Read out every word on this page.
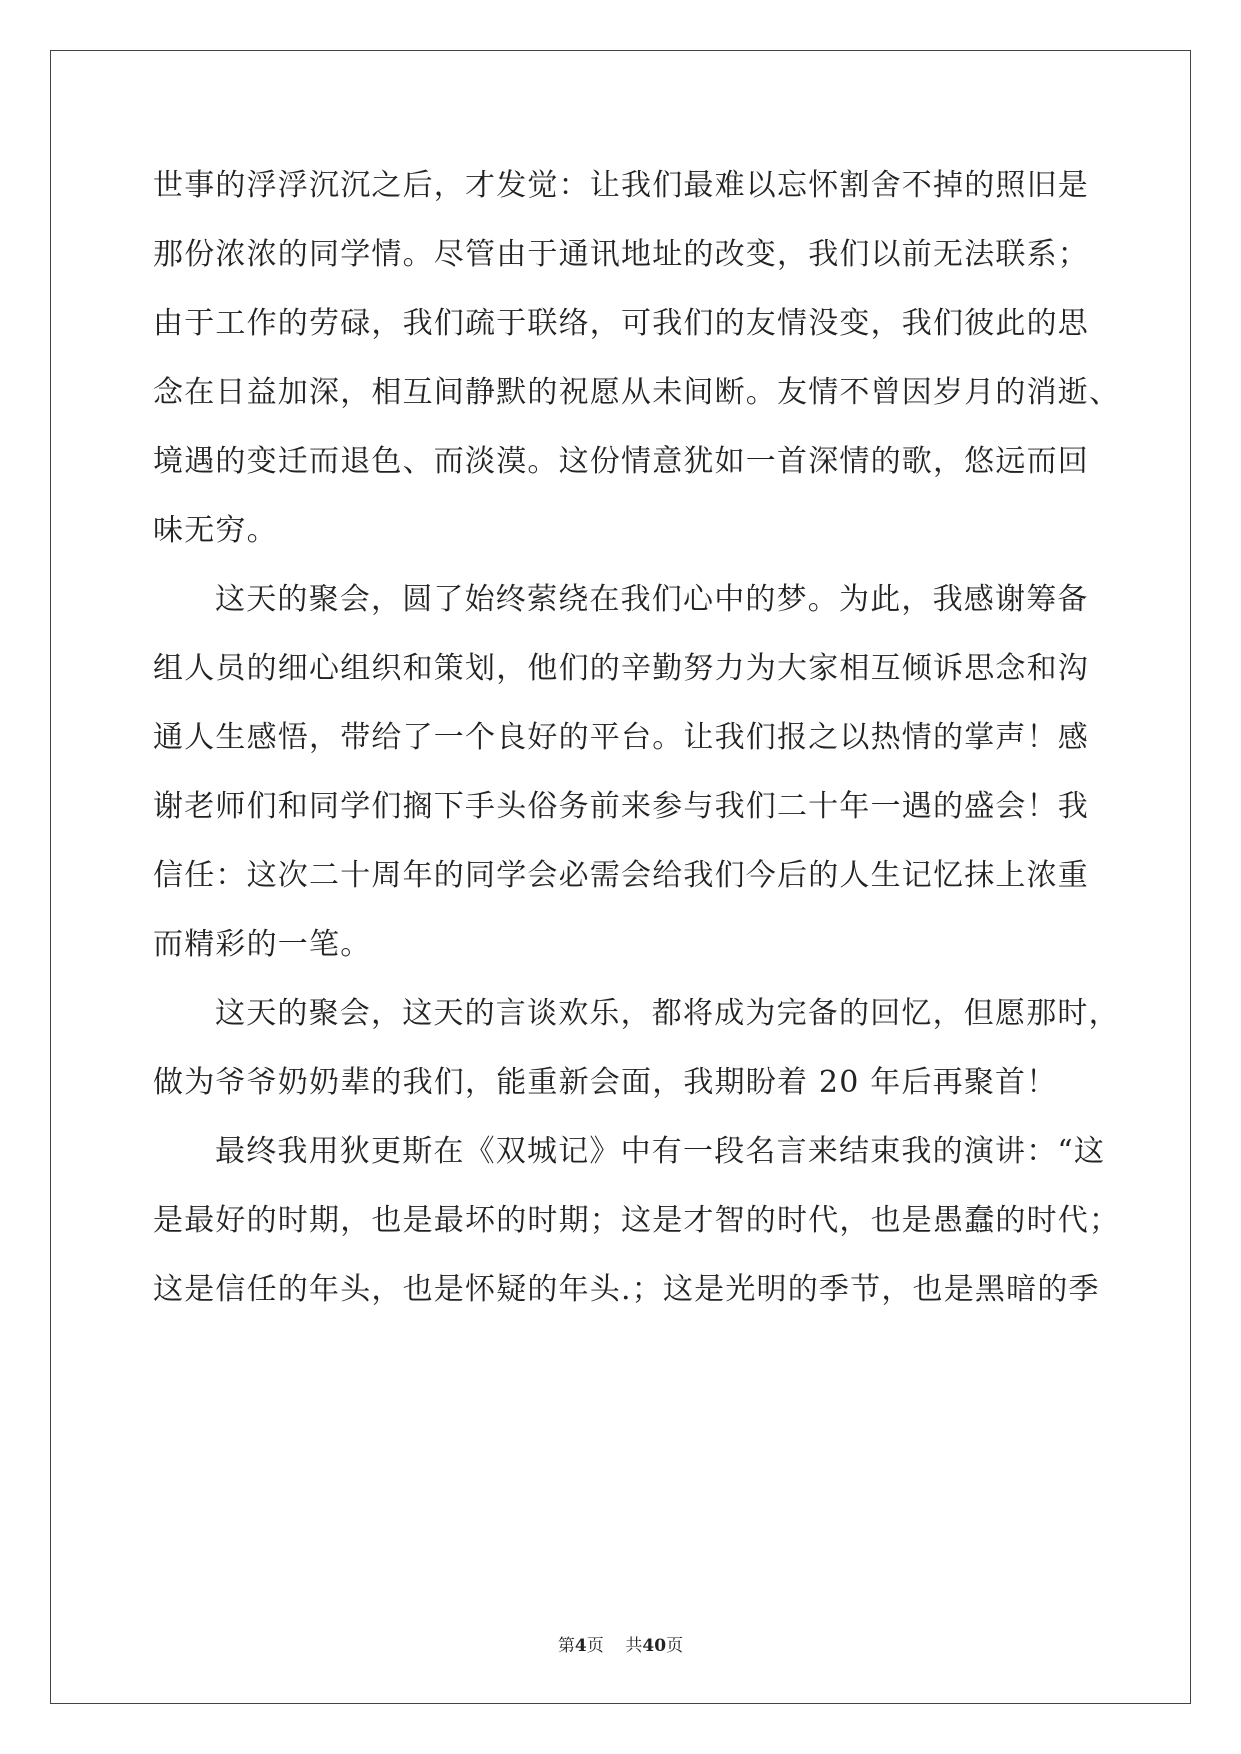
世事的浮浮沉沉之后，才发觉：让我们最难以忘怀割舍不掉的照旧是
那份浓浓的同学情。尽管由于通讯地址的改变，我们以前无法联系；
由于工作的劳碌，我们疏于联络，可我们的友情没变，我们彼此的思
念在日益加深，相互间静默的祝愿从未间断。友情不曾因岁月的消逝、
境遇的变迁而退色、而淡漠。这份情意犹如一首深情的歌，悠远而回
味无穷。
这天的聚会，圆了始终萦绕在我们心中的梦。为此，我感谢筹备
组人员的细心组织和策划，他们的辛勤努力为大家相互倾诉思念和沟
通人生感悟，带给了一个良好的平台。让我们报之以热情的掌声！感
谢老师们和同学们搁下手头俗务前来参与我们二十年一遇的盛会！我
信任：这次二十周年的同学会必需会给我们今后的人生记忆抹上浓重
而精彩的一笔。
这天的聚会，这天的言谈欢乐，都将成为完备的回忆，但愿那时，
做为爷爷奶奶辈的我们，能重新会面，我期盼着 20 年后再聚首！
最终我用狄更斯在《双城记》中有一段名言来结束我的演讲：“这
是最好的时期，也是最坏的时期；这是才智的时代，也是愚蠢的时代；
这是信任的年头，也是怀疑的年头.；这是光明的季节，也是黑暗的季
第4页    共40页
